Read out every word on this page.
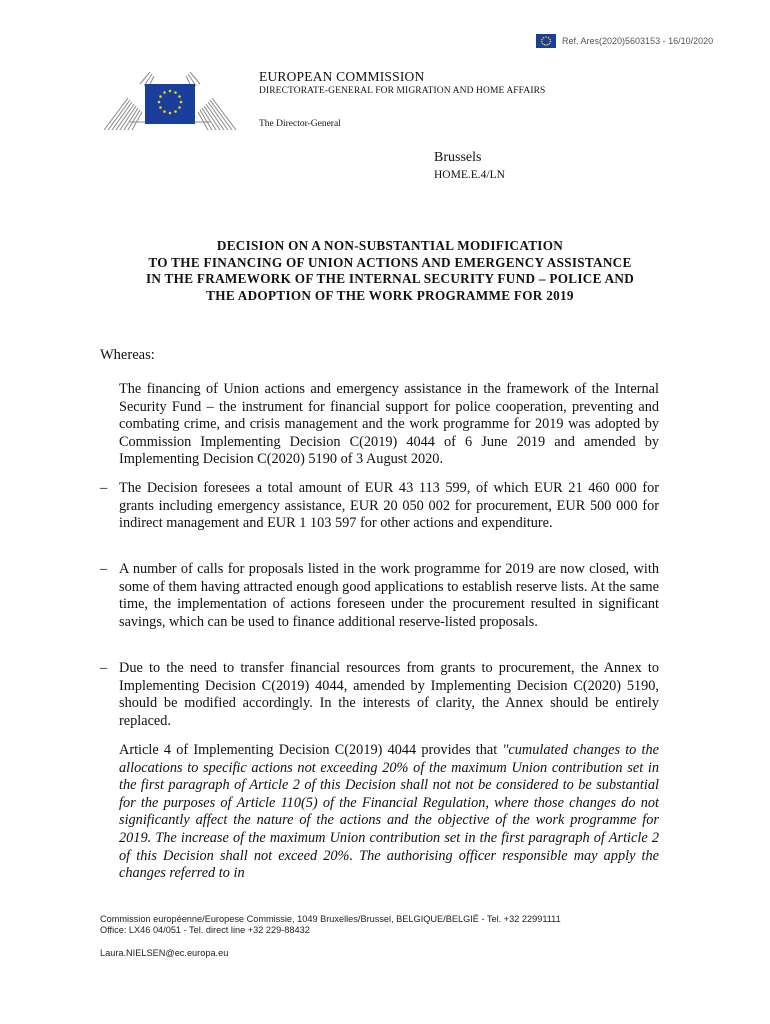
Ref. Ares(2020)5603153 - 16/10/2020
EUROPEAN COMMISSION
DIRECTORATE-GENERAL FOR MIGRATION AND HOME AFFAIRS
The Director-General
Brussels
HOME.E.4/LN
DECISION ON A NON-SUBSTANTIAL MODIFICATION
TO THE FINANCING OF UNION ACTIONS AND EMERGENCY ASSISTANCE
IN THE FRAMEWORK OF THE INTERNAL SECURITY FUND – POLICE AND
THE ADOPTION OF THE WORK PROGRAMME FOR 2019
Whereas:
The financing of Union actions and emergency assistance in the framework of the Internal Security Fund – the instrument for financial support for police cooperation, preventing and combating crime, and crisis management and the work programme for 2019 was adopted by Commission Implementing Decision C(2019) 4044 of 6 June 2019 and amended by Implementing Decision C(2020) 5190 of 3 August 2020.
– The Decision foresees a total amount of EUR 43 113 599, of which EUR 21 460 000 for grants including emergency assistance, EUR 20 050 002 for procurement, EUR 500 000 for indirect management and EUR 1 103 597 for other actions and expenditure.
– A number of calls for proposals listed in the work programme for 2019 are now closed, with some of them having attracted enough good applications to establish reserve lists. At the same time, the implementation of actions foreseen under the procurement resulted in significant savings, which can be used to finance additional reserve-listed proposals.
– Due to the need to transfer financial resources from grants to procurement, the Annex to Implementing Decision C(2019) 4044, amended by Implementing Decision C(2020) 5190, should be modified accordingly. In the interests of clarity, the Annex should be entirely replaced.
Article 4 of Implementing Decision C(2019) 4044 provides that "cumulated changes to the allocations to specific actions not exceeding 20% of the maximum Union contribution set in the first paragraph of Article 2 of this Decision shall not not be considered to be substantial for the purposes of Article 110(5) of the Financial Regulation, where those changes do not significantly affect the nature of the actions and the objective of the work programme for 2019. The increase of the maximum Union contribution set in the first paragraph of Article 2 of this Decision shall not exceed 20%. The authorising officer responsible may apply the changes referred to in
Commission européenne/Europese Commissie, 1049 Bruxelles/Brussel, BELGIQUE/BELGIË - Tel. +32 22991111
Office: LX46 04/051 - Tel. direct line +32 229-88432
Laura.NIELSEN@ec.europa.eu
